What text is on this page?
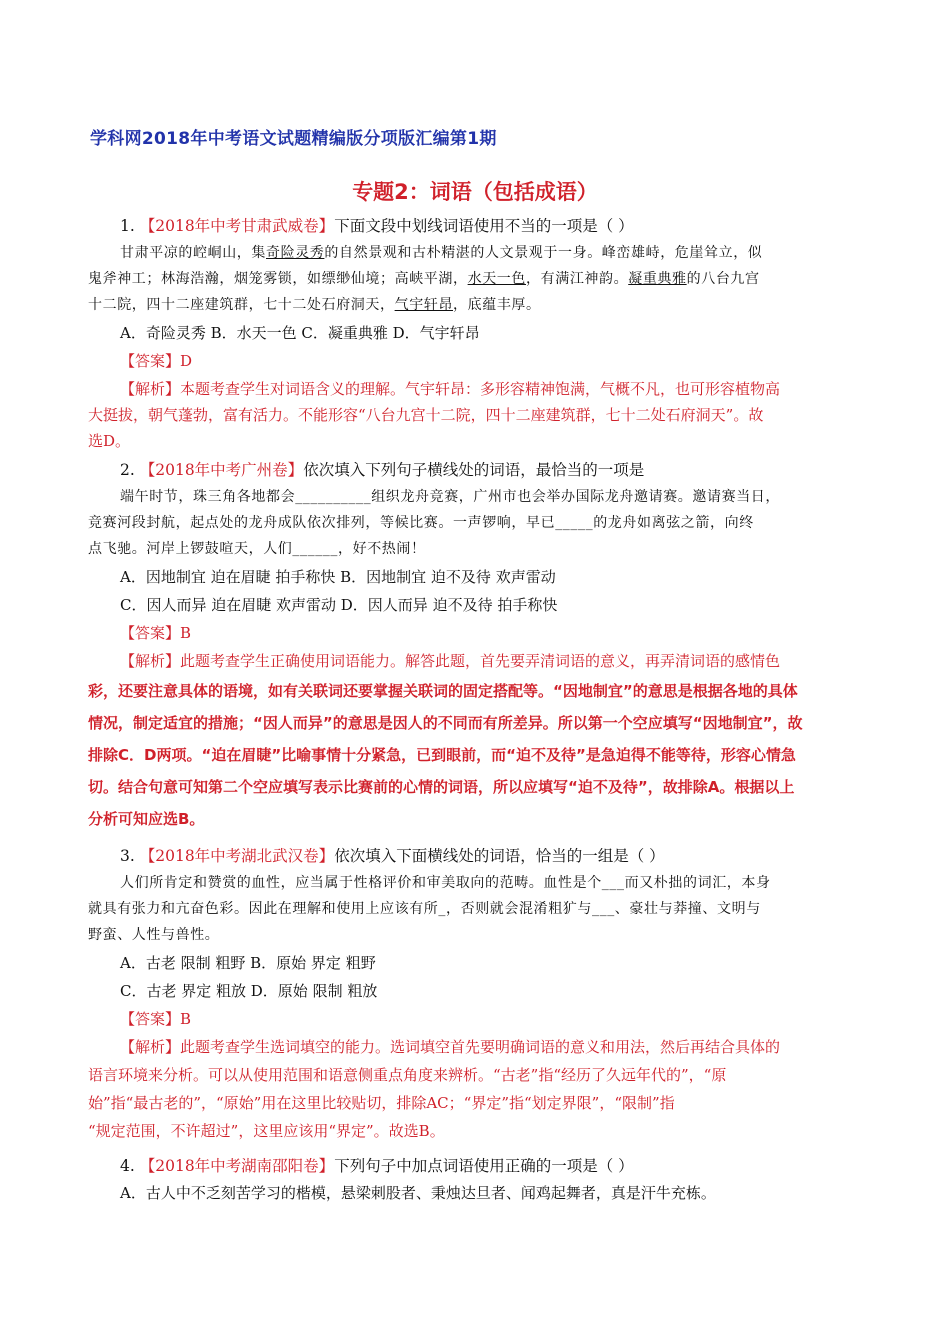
学科网2018年中考语文试题精编版分项版汇编第1期
专题2：词语（包括成语）
1. 【2018年中考甘肃武威卷】下面文段中划线词语使用不当的一项是（ ）
甘肃平凉的崆峒山，集奇险灵秀的自然景观和古朴精湛的人文景观于一身。峰峦雄峙，危崖耸立，似
鬼斧神工；林海浩瀚，烟笼雾锁，如缥缈仙境；高峡平湖，水天一色，有满江神韵。凝重典雅的八台九宫
十二院，四十二座建筑群，七十二处石府洞天，气宇轩昂，底蕴丰厚。
A．奇险灵秀 B．水天一色 C．凝重典雅 D．气宇轩昂
【答案】D
【解析】本题考查学生对词语含义的理解。气宇轩昂：多形容精神饱满，气概不凡，也可形容植物高
大挺拔，朝气蓬勃，富有活力。不能形容“八台九宫十二院，四十二座建筑群，七十二处石府洞天”。故
选D。
2. 【2018年中考广州卷】依次填入下列句子横线处的词语，最恰当的一项是
端午时节，珠三角各地都会__________组织龙舟竞赛，广州市也会举办国际龙舟邀请赛。邀请赛当日，
竞赛河段封航，起点处的龙舟成队依次排列，等候比赛。一声锣响，早已_____的龙舟如离弦之箭，向终
点飞驰。河岸上锣鼓喧天，人们______，好不热闹！
A．因地制宜 迫在眉睫 拍手称快 B．因地制宜 迫不及待 欢声雷动
C．因人而异 迫在眉睫 欢声雷动 D．因人而异 迫不及待 拍手称快
【答案】B
【解析】此题考查学生正确使用词语能力。解答此题，首先要弄清词语的意义，再弄清词语的感情色
彩，还要注意具体的语境，如有关联词还要掌握关联词的固定搭配等。“因地制宜”的意思是根据各地的具体
情况，制定适宜的措施；“因人而异”的意思是因人的不同而有所差异。所以第一个空应填写“因地制宜”，故
排除C．D两项。“迫在眉睫”比喻事情十分紧急，已到眼前，而“迫不及待”是急迫得不能等待，形容心情急
切。结合句意可知第二个空应填写表示比赛前的心情的词语，所以应填写“迫不及待”，故排除A。根据以上
分析可知应选B。
3. 【2018年中考湖北武汉卷】依次填入下面横线处的词语，恰当的一组是（ ）
人们所肯定和赞赏的血性，应当属于性格评价和审美取向的范畴。血性是个___而又朴拙的词汇，本身
就具有张力和亢奋色彩。因此在理解和使用上应该有所_，否则就会混淆粗犷与___、豪壮与莽撞、文明与
野蛮、人性与兽性。
A．古老 限制 粗野 B．原始 界定 粗野
C．古老 界定 粗放 D．原始 限制 粗放
【答案】B
【解析】此题考查学生选词填空的能力。选词填空首先要明确词语的意义和用法，然后再结合具体的
语言环境来分析。可以从使用范围和语意侧重点角度来辨析。“古老”指“经历了久远年代的”，“原
始”指“最古老的”，“原始”用在这里比较贴切，排除AC；“界定”指“划定界限”，“限制”指
“规定范围，不许超过”，这里应该用“界定”。故选B。
4. 【2018年中考湖南邵阳卷】下列句子中加点词语使用正确的一项是（ ）
A．古人中不乏刻苦学习的楷模，悬梁刺股者、秉烛达旦者、闻鸡起舞者，真是汗牛充栋。
